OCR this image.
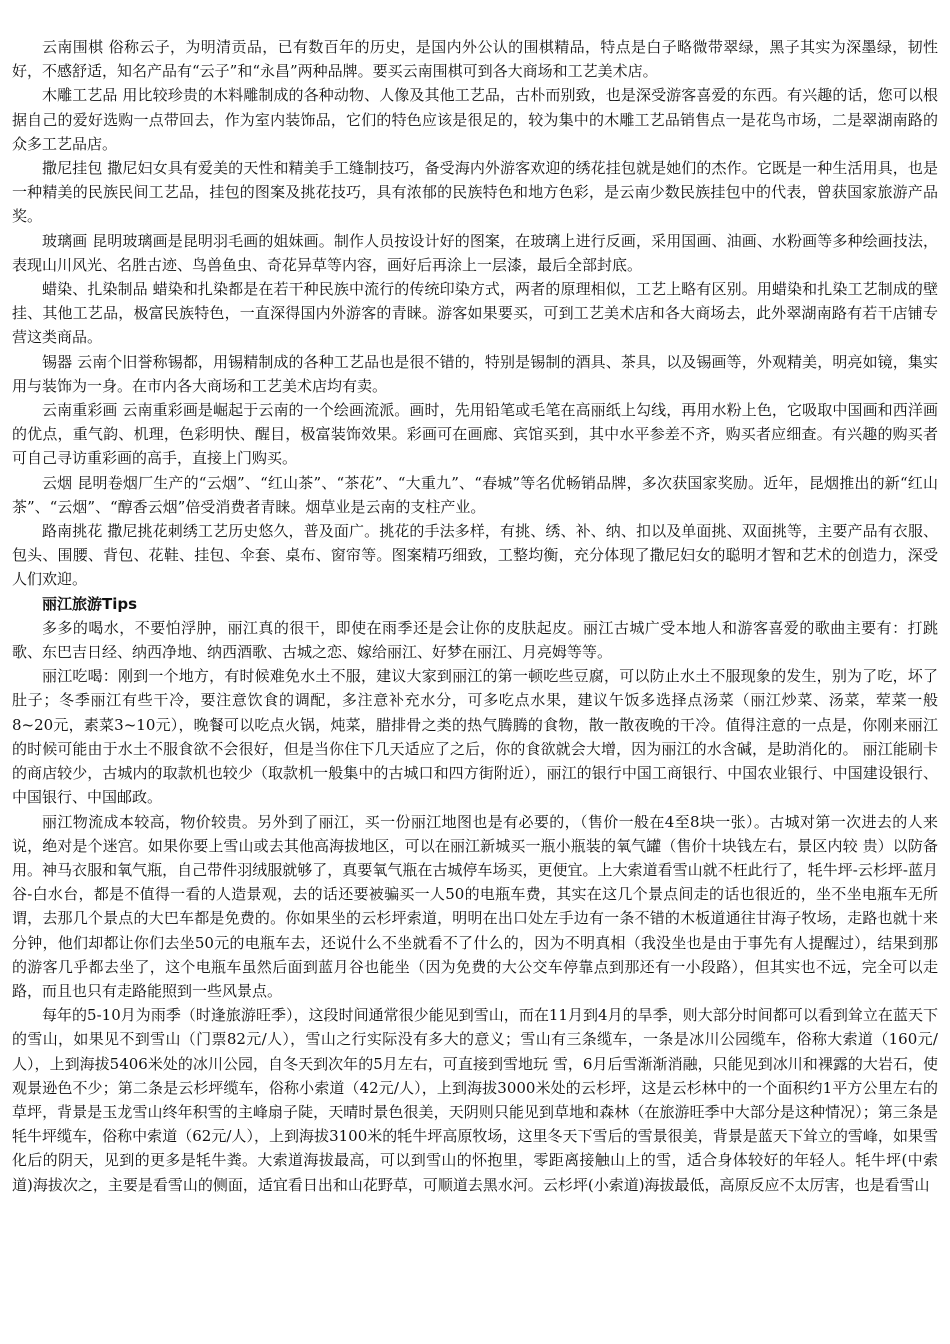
云南围棋 俗称云子，为明清贡品，已有数百年的历史，是国内外公认的围棋精品，特点是白子略微带翠绿，黑子其实为深墨绿，韧性好，不感舒适，知名产品有“云子”和“永昌”两种品牌。要买云南围棋可到各大商场和工艺美术店。

木雕工艺品 用比较珍贵的木料雕制成的各种动物、人像及其他工艺品，古朴而别致，也是深受游客喜爱的东西。有兴趣的话，您可以根据自己的爱好选购一点带回去，作为室内装饰品，它们的特色应该是很足的，较为集中的木雕工艺品销售点一是花鸟市场，二是翠湖南路的众多工艺品店。

撒尼挂包 撒尼妇女具有爱美的天性和精美手工缝制技巧，备受海内外游客欢迎的绣花挂包就是她们的杰作。它既是一种生活用具，也是一种精美的民族民间工艺品，挂包的图案及挑花技巧，具有浓郁的民族特色和地方色彩，是云南少数民族挂包中的代表，曾获国家旅游产品奖。

玻璃画 昆明玻璃画是昆明羽毛画的姐妹画。制作人员按设计好的图案，在玻璃上进行反画，采用国画、油画、水粉画等多种绘画技法，表现山川风光、名胜古迹、鸟兽鱼虫、奇花异草等内容，画好后再涂上一层漆，最后全部封底。

蜡染、扎染制品 蜡染和扎染都是在若干种民族中流行的传统印染方式，两者的原理相似，工艺上略有区别。用蜡染和扎染工艺制成的壁挂、其他工艺品，极富民族特色，一直深得国内外游客的青睐。游客如果要买，可到工艺美术店和各大商场去，此外翠湖南路有若干店铺专营这类商品。

锡器 云南个旧誉称锡都，用锡精制成的各种工艺品也是很不错的，特别是锡制的酒具、茶具，以及锡画等，外观精美，明亮如镜，集实用与装饰为一身。在市内各大商场和工艺美术店均有卖。

云南重彩画 云南重彩画是崛起于云南的一个绘画流派。画时，先用铅笔或毛笔在高丽纸上勾线，再用水粉上色，它吸取中国画和西洋画的优点，重气韵、机理，色彩明快、醒目，极富装饰效果。彩画可在画廊、宾馆买到，其中水平参差不齐，购买者应细查。有兴趣的购买者可自己寻访重彩画的高手，直接上门购买。

云烟 昆明卷烟厂生产的“云烟”、“红山茶”、“茶花”、“大重九”、“春城”等名优畅销品牌，多次获国家奖励。近年，昆烟推出的新“红山茶”、“云烟”、“醇香云烟”倍受消费者青睐。烟草业是云南的支柱产业。

路南挑花 撒尼挑花刺绣工艺历史悠久，普及面广。挑花的手法多样，有挑、绣、补、纳、扣以及单面挑、双面挑等，主要产品有衣服、包头、围腰、背包、花鞋、挂包、伞套、桌布、窗帘等。图案精巧细致，工整均衡，充分体现了撒尼妇女的聪明才智和艺术的创造力，深受人们欢迎。

丽江旅游Tips

多多的喝水，不要怕浮肿，丽江真的很干，即使在雨季还是会让你的皮肤起皮。丽江古城广受本地人和游客喜爱的歌曲主要有：打跳歌、东巴吉日经、纳西净地、纳西酒歌、古城之恋、嫁给丽江、好梦在丽江、月亮姆等等。

丽江吃喝：刚到一个地方，有时候难免水土不服，建议大家到丽江的第一顿吃些豆腐，可以防止水土不服现象的发生，别为了吃，坏了肚子；冬季丽江有些干冷，要注意饮食的调配，多注意补充水分，可多吃点水果，建议午饭多选择点汤菜（丽江炒菜、汤菜，荤菜一般8~20元，素菜3~10元），晚餐可以吃点火锅，炖菜，腊排骨之类的热气腾腾的食物，散一散夜晚的干冷。值得注意的一点是，你刚来丽江的时候可能由于水土不服食欲不会很好，但是当你住下几天适应了之后，你的食欲就会大增，因为丽江的水含碱，是助消化的。 丽江能刷卡的商店较少，古城内的取款机也较少（取款机一般集中的古城口和四方街附近），丽江的银行中国工商银行、中国农业银行、中国建设银行、中国银行、中国邮政。

丽江物流成本较高，物价较贵。另外到了丽江，买一份丽江地图也是有必要的，（售价一般在4至8块一张）。古城对第一次进去的人来说，绝对是个迷宫。如果你要上雪山或去其他高海拔地区，可以在丽江新城买一瓶小瓶装的氧气罐（售价十块钱左右，景区内较 贵）以防备用。神马衣服和氧气瓶，自己带件羽绒服就够了，真要氧气瓶在古城停车场买，更便宜。上大索道看雪山就不枉此行了，牦牛坪-云杉坪-蓝月谷-白水台，都是不值得一看的人造景观，去的话还要被骗买一人50的电瓶车费，其实在这几个景点间走的话也很近的，坐不坐电瓶车无所谓，去那几个景点的大巴车都是免费的。你如果坐的云杉坪索道，明明在出口处左手边有一条不错的木板道通往甘海子牧场，走路也就十来分钟，他们却都让你们去坐50元的电瓶车去，还说什么不坐就看不了什么的，因为不明真相（我没坐也是由于事先有人提醒过），结果到那的游客几乎都去坐了，这个电瓶车虽然后面到蓝月谷也能坐（因为免费的大公交车停靠点到那还有一小段路），但其实也不远，完全可以走路，而且也只有走路能照到一些风景点。

每年的5-10月为雨季（时逢旅游旺季），这段时间通常很少能见到雪山，而在11月到4月的旱季，则大部分时间都可以看到耸立在蓝天下的雪山，如果见不到雪山（门票82元/人），雪山之行实际没有多大的意义；雪山有三条缆车，一条是冰川公园缆车，俗称大索道（160元/人），上到海拔5406米处的冰川公园，自冬天到次年的5月左右，可直接到雪地玩 雪，6月后雪渐渐消融，只能见到冰川和裸露的大岩石，使观景逊色不少；第二条是云杉坪缆车，俗称小索道（42元/人），上到海拔3000米处的云杉坪，这是云杉林中的一个面积约1平方公里左右的草坪，背景是玉龙雪山终年积雪的主峰扇子陡，天晴时景色很美，天阴则只能见到草地和森林（在旅游旺季中大部分是这种情况）；第三条是牦牛坪缆车，俗称中索道（62元/人），上到海拔3100米的牦牛坪高原牧场，这里冬天下雪后的雪景很美，背景是蓝天下耸立的雪峰，如果雪化后的阴天，见到的更多是牦牛粪。大索道海拔最高，可以到雪山的怀抱里，零距离接触山上的雪，适合身体较好的年轻人。牦牛坪(中索道)海拔次之，主要是看雪山的侧面，适宜看日出和山花野草，可顺道去黑水河。云杉坪(小索道)海拔最低，高原反应不太厉害，也是看雪山
